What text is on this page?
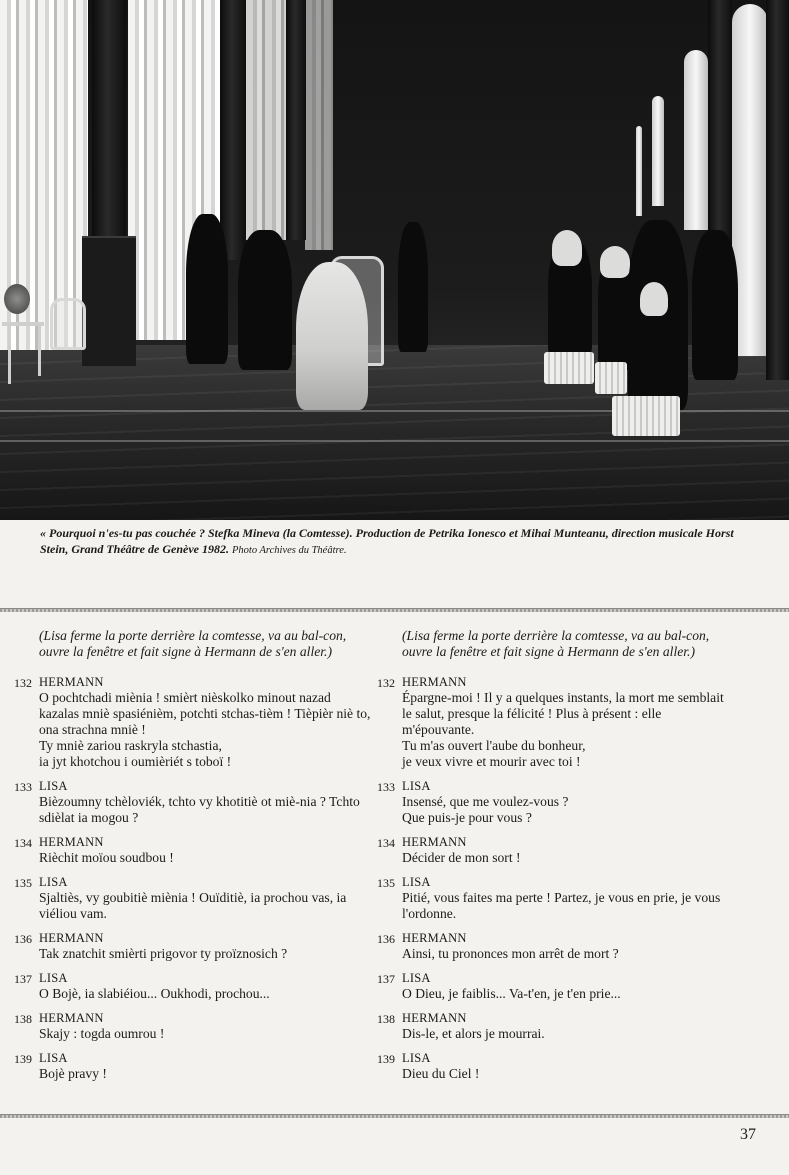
« Pourquoi n'es-tu pas couchée ? Stefka Mineva (la Comtesse). Production de Petrika Ionesco et Mihai Munteanu, direction musicale Horst Stein, Grand Théâtre de Genève 1982. Photo Archives du Théâtre.
(Lisa ferme la porte derrière la comtesse, va au bal-con, ouvre la fenêtre et fait signe à Hermann de s'en aller.)
132 HERMANN
O pochtchadi miènia ! smièrt nièskolko minout nazad kazalas mniè spasiénièm, potchti stchas-tièm ! Tièpièr niè to, ona strachna mniè !
Ty mniè zariou raskryla stchastia,
ia jyt khotchou i oumièriét s toboï !
133 LISA
Bièzoumny tchèloviék, tchto vy khotitiè ot miè-nia ? Tchto sdièlat ia mogou ?
134 HERMANN
Rièchit moïou soudbou !
135 LISA
Sjaltiès, vy goubitiè miènia ! Ouïditiè, ia prochou vas, ia viéliou vam.
136 HERMANN
Tak znatchit smièrti prigovor ty proïznosich ?
137 LISA
O Bojè, ia slabiéiou... Oukhodi, prochou...
138 HERMANN
Skajy : togda oumrou !
139 LISA
Bojè pravy !
(Lisa ferme la porte derrière la comtesse, va au bal-con, ouvre la fenêtre et fait signe à Hermann de s'en aller.)
132 HERMANN
Épargne-moi ! Il y a quelques instants, la mort me semblait le salut, presque la félicité ! Plus à présent : elle m'épouvante.
Tu m'as ouvert l'aube du bonheur,
je veux vivre et mourir avec toi !
133 LISA
Insensé, que me voulez-vous ?
Que puis-je pour vous ?
134 HERMANN
Décider de mon sort !
135 LISA
Pitié, vous faites ma perte ! Partez, je vous en prie, je vous l'ordonne.
136 HERMANN
Ainsi, tu prononces mon arrêt de mort ?
137 LISA
O Dieu, je faiblis... Va-t'en, je t'en prie...
138 HERMANN
Dis-le, et alors je mourrai.
139 LISA
Dieu du Ciel !
37
